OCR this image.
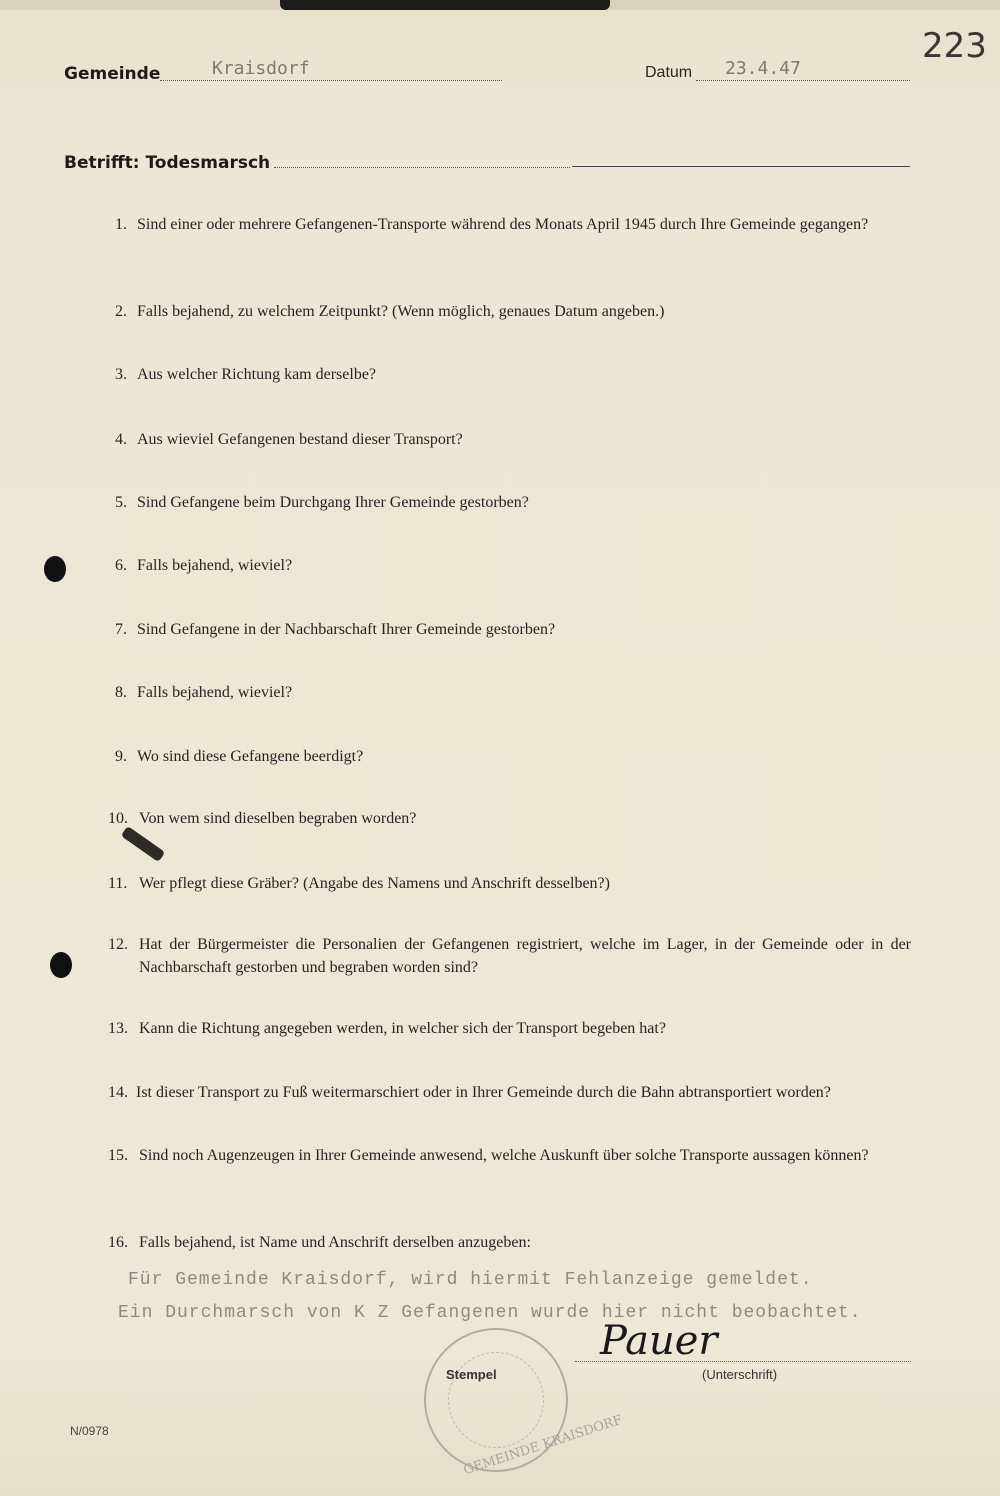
223
Gemeinde	Kraisdorf	Datum 23.4.47
Betrifft: Todesmarsch
1. Sind einer oder mehrere Gefangenen-Transporte während des Monats April 1945 durch Ihre Gemeinde gegangen?
2. Falls bejahend, zu welchem Zeitpunkt? (Wenn möglich, genaues Datum angeben.)
3. Aus welcher Richtung kam derselbe?
4. Aus wieviel Gefangenen bestand dieser Transport?
5. Sind Gefangene beim Durchgang Ihrer Gemeinde gestorben?
6. Falls bejahend, wieviel?
7. Sind Gefangene in der Nachbarschaft Ihrer Gemeinde gestorben?
8. Falls bejahend, wieviel?
9. Wo sind diese Gefangene beerdigt?
10. Von wem sind dieselben begraben worden?
11. Wer pflegt diese Gräber? (Angabe des Namens und Anschrift desselben?)
12. Hat der Bürgermeister die Personalien der Gefangenen registriert, welche im Lager, in der Gemeinde oder in der Nachbarschaft gestorben und begraben worden sind?
13. Kann die Richtung angegeben werden, in welcher sich der Transport begeben hat?
14. Ist dieser Transport zu Fuß weitermarschiert oder in Ihrer Gemeinde durch die Bahn abtransportiert worden?
15. Sind noch Augenzeugen in Ihrer Gemeinde anwesend, welche Auskunft über solche Transporte aussagen können?
16. Falls bejahend, ist Name und Anschrift derselben anzugeben:
Für Gemeinde Kraisdorf, wird hiermit Fehlanzeige gemeldet.
Ein Durchmarsch von K Z Gefangenen wurde hier nicht beobachtet.
GEMEINDE KRAISDORF
Stempel
Pauer
(Unterschrift)
N/0978
